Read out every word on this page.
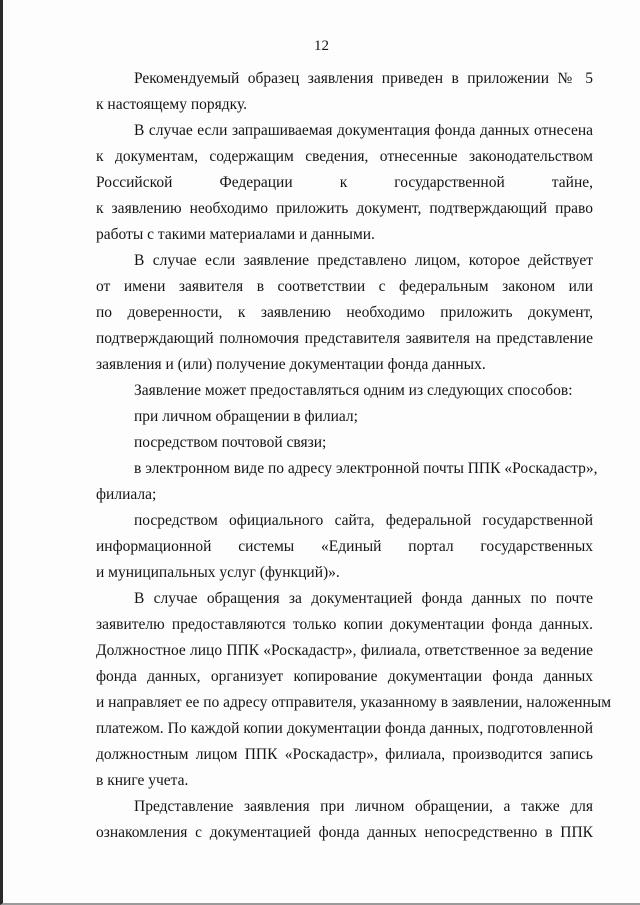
12
Рекомендуемый образец заявления приведен в приложении № 5
к настоящему порядку.
В случае если запрашиваемая документация фонда данных отнесена
к документам, содержащим сведения, отнесенные законодательством
Российской Федерации к государственной тайне,
к заявлению необходимо приложить документ, подтверждающий право
работы с такими материалами и данными.
В случае если заявление представлено лицом, которое действует
от имени заявителя в соответствии с федеральным законом или
по доверенности, к заявлению необходимо приложить документ,
подтверждающий полномочия представителя заявителя на представление
заявления и (или) получение документации фонда данных.
Заявление может предоставляться одним из следующих способов:
при личном обращении в филиал;
посредством почтовой связи;
в электронном виде по адресу электронной почты ППК «Роскадастр»,
филиала;
посредством официального сайта, федеральной государственной
информационной системы «Единый портал государственных
и муниципальных услуг (функций)».
В случае обращения за документацией фонда данных по почте
заявителю предоставляются только копии документации фонда данных.
Должностное лицо ППК «Роскадастр», филиала, ответственное за ведение
фонда данных, организует копирование документации фонда данных
и направляет ее по адресу отправителя, указанному в заявлении, наложенным
платежом. По каждой копии документации фонда данных, подготовленной
должностным лицом ППК «Роскадастр», филиала, производится запись
в книге учета.
Представление заявления при личном обращении, а также для
ознакомления с документацией фонда данных непосредственно в ППК
